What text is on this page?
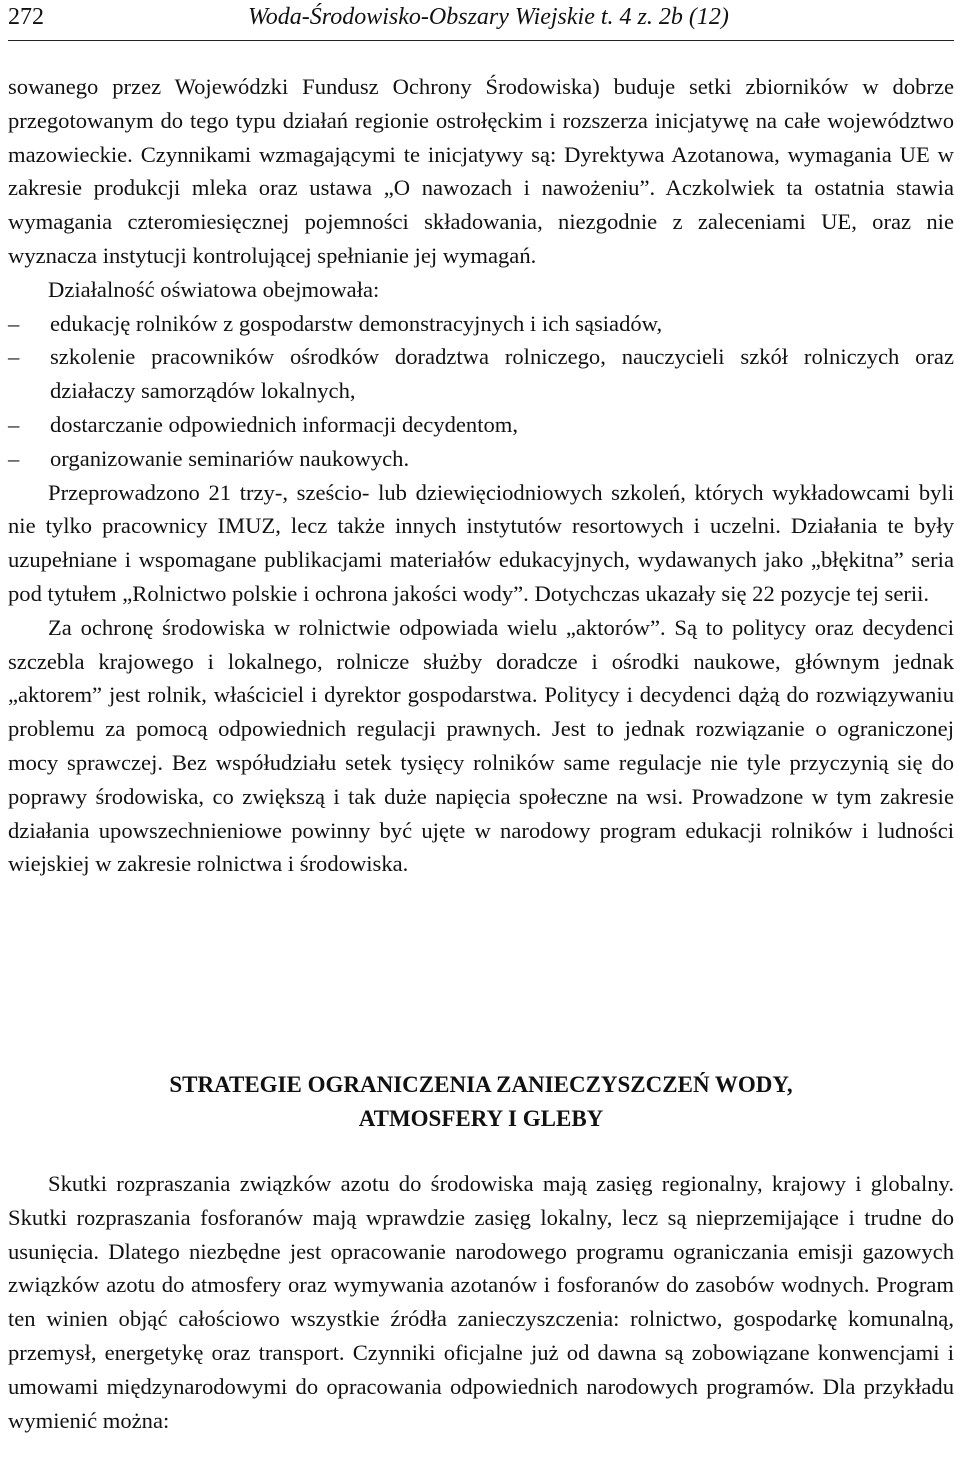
272	Woda-Środowisko-Obszary Wiejskie t. 4 z. 2b (12)

sowanego przez Wojewódzki Fundusz Ochrony Środowiska) buduje setki zbiorników w dobrze przegotowanym do tego typu działań regionie ostrołęckim i rozszerza inicjatywę na całe województwo mazowieckie. Czynnikami wzmagającymi te inicjatywy są: Dyrektywa Azotanowa, wymagania UE w zakresie produkcji mleka oraz ustawa „O nawozach i nawożeniu”. Aczkolwiek ta ostatnia stawia wymagania czteromiesięcznej pojemności składowania, niezgodnie z zaleceniami UE, oraz nie wyznacza instytucji kontrolującej spełnianie jej wymagań.

Działalność oświatowa obejmowała:

– edukację rolników z gospodarstw demonstracyjnych i ich sąsiadów,
– szkolenie pracowników ośrodków doradztwa rolniczego, nauczycieli szkół rolniczych oraz działaczy samorządów lokalnych,
– dostarczanie odpowiednich informacji decydentom,
– organizowanie seminariów naukowych.

Przeprowadzono 21 trzy-, sześcio- lub dziewięciodniowych szkoleń, których wykładowcami byli nie tylko pracownicy IMUZ, lecz także innych instytutów resortowych i uczelni. Działania te były uzupełniane i wspomagane publikacjami materiałów edukacyjnych, wydawanych jako „błękitna” seria pod tytułem „Rolnictwo polskie i ochrona jakości wody”. Dotychczas ukazały się 22 pozycje tej serii.

Za ochronę środowiska w rolnictwie odpowiada wielu „aktorów”. Są to politycy oraz decydenci szczebla krajowego i lokalnego, rolnicze służby doradcze i ośrodki naukowe, głównym jednak „aktorem” jest rolnik, właściciel i dyrektor gospodarstwa. Politycy i decydenci dążą do rozwiązywaniu problemu za pomocą odpowiednich regulacji prawnych. Jest to jednak rozwiązanie o ograniczonej mocy sprawczej. Bez współudziału setek tysięcy rolników same regulacje nie tyle przyczynią się do poprawy środowiska, co zwiększą i tak duże napięcia społeczne na wsi. Prowadzone w tym zakresie działania upowszechnieniowe powinny być ujęte w narodowy program edukacji rolników i ludności wiejskiej w zakresie rolnictwa i środowiska.

STRATEGIE OGRANICZENIA ZANIECZYSZCZEŃ WODY,
ATMOSFERY I GLEBY

Skutki rozpraszania związków azotu do środowiska mają zasięg regionalny, krajowy i globalny. Skutki rozpraszania fosforanów mają wprawdzie zasięg lokalny, lecz są nieprzemijające i trudne do usunięcia. Dlatego niezbędne jest opracowanie narodowego programu ograniczania emisji gazowych związków azotu do atmosfery oraz wymywania azotanów i fosforanów do zasobów wodnych. Program ten winien objąć całościowo wszystkie źródła zanieczyszczenia: rolnictwo, gospodarkę komunalną, przemysł, energetykę oraz transport. Czynniki oficjalne już od dawna są zobowiązane konwencjami i umowami międzynarodowymi do opracowania odpowiednich narodowych programów. Dla przykładu wymienić można:
